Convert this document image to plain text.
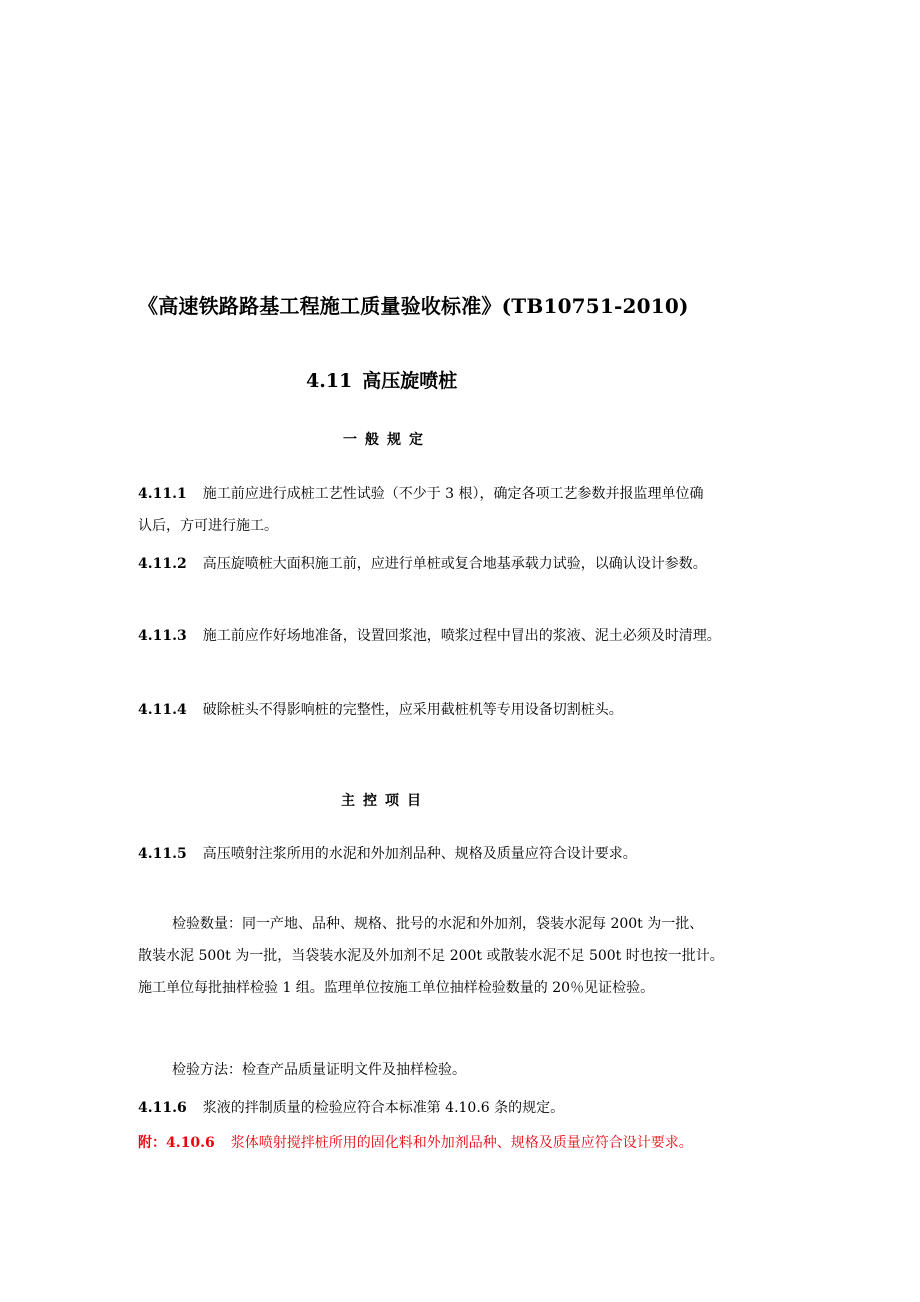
《高速铁路路基工程施工质量验收标准》(TB10751-2010)
4.11 高压旋喷桩
一般规定
4.11.1 施工前应进行成桩工艺性试验（不少于 3 根），确定各项工艺参数并报监理单位确
认后，方可进行施工。
4.11.2 高压旋喷桩大面积施工前，应进行单桩或复合地基承载力试验，以确认设计参数。
4.11.3 施工前应作好场地准备，设置回浆池，喷浆过程中冒出的浆液、泥土必须及时清理。
4.11.4 破除桩头不得影响桩的完整性，应采用截桩机等专用设备切割桩头。
主控项目
4.11.5 高压喷射注浆所用的水泥和外加剂品种、规格及质量应符合设计要求。
检验数量：同一产地、品种、规格、批号的水泥和外加剂，袋装水泥每 200t 为一批、
散装水泥 500t 为一批，当袋装水泥及外加剂不足 200t 或散装水泥不足 500t 时也按一批计。
施工单位每批抽样检验 1 组。监理单位按施工单位抽样检验数量的 20％见证检验。
检验方法：检查产品质量证明文件及抽样检验。
4.11.6 浆液的拌制质量的检验应符合本标准第 4.10.6 条的规定。
附：4.10.6 浆体喷射搅拌桩所用的固化料和外加剂品种、规格及质量应符合设计要求。
